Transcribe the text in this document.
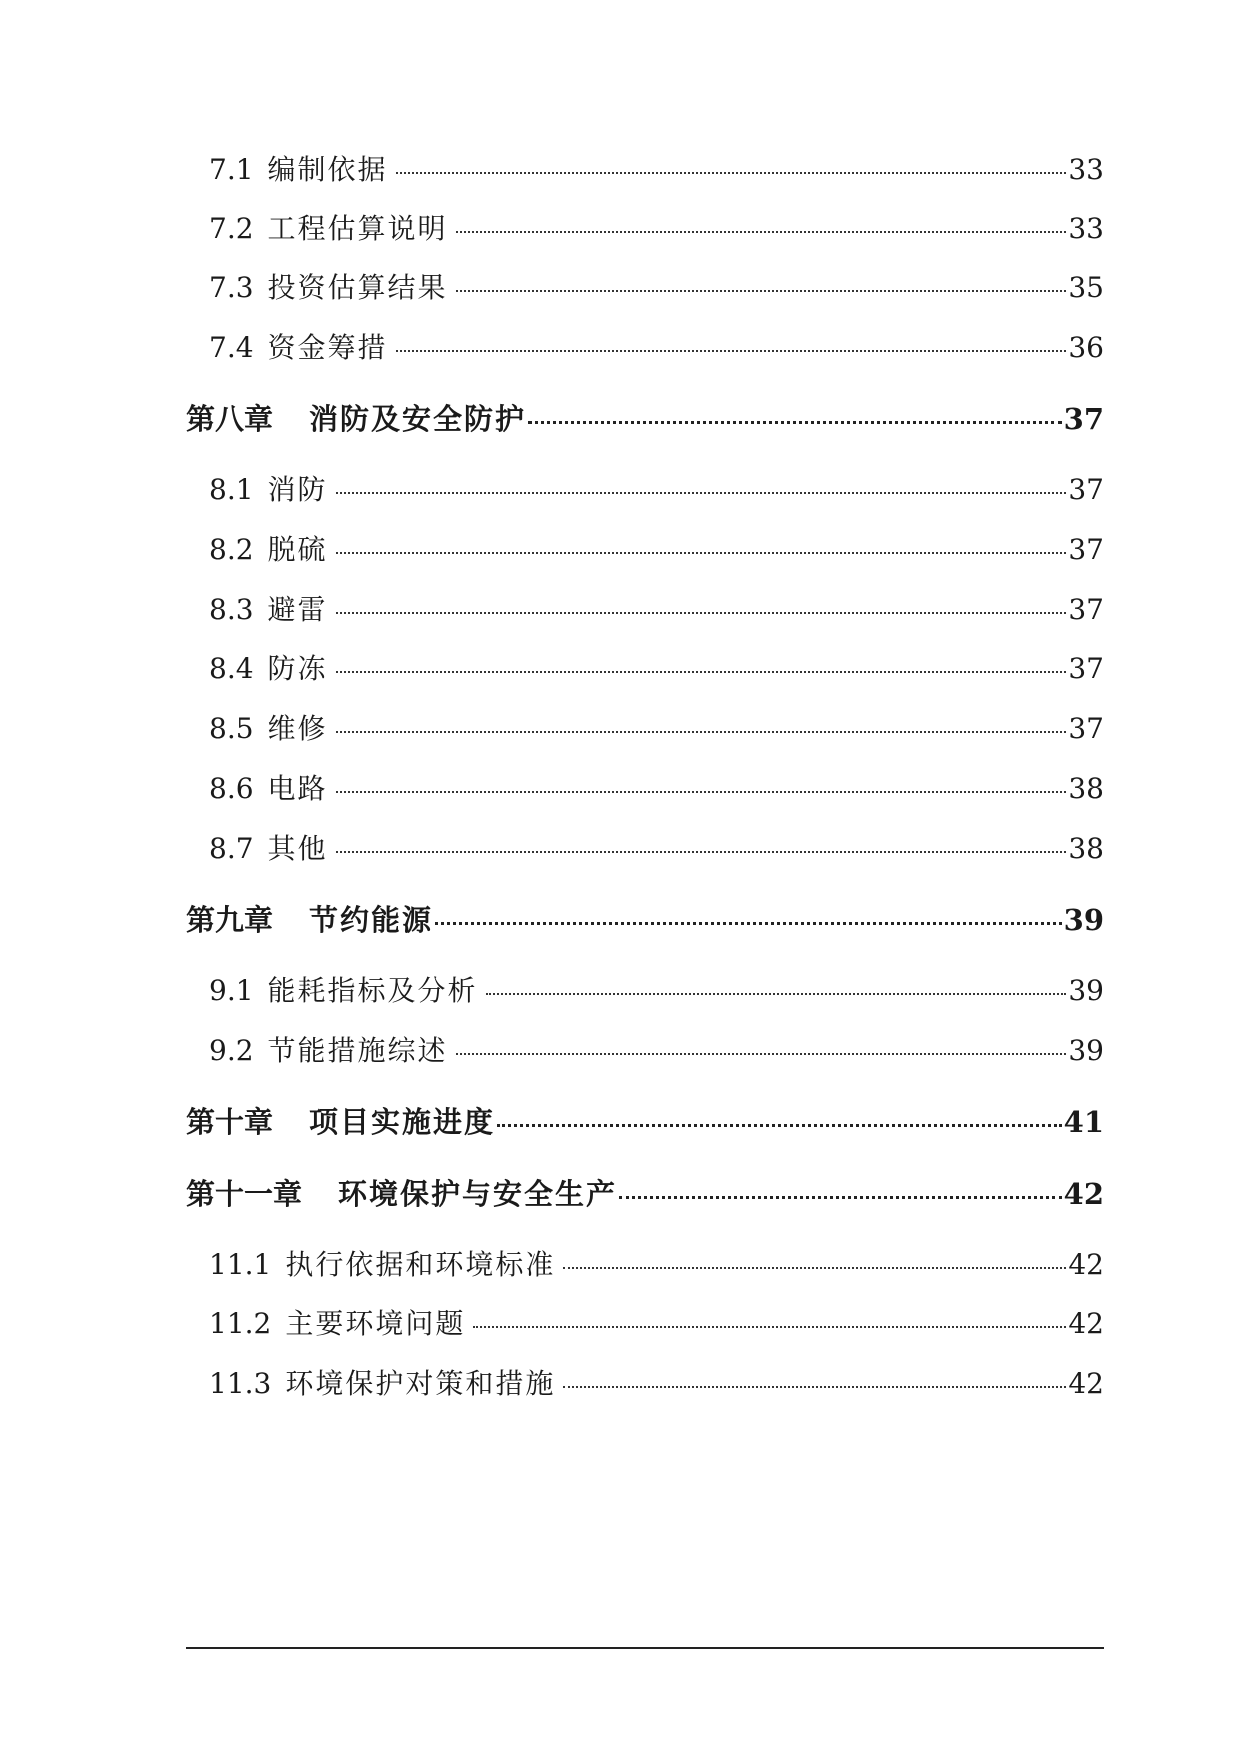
7.1 编制依据	33
7.2 工程估算说明	33
7.3 投资估算结果	35
7.4 资金筹措	36
第八章 消防及安全防护	37
8.1 消防	37
8.2 脱硫	37
8.3 避雷	37
8.4 防冻	37
8.5 维修	37
8.6 电路	38
8.7 其他	38
第九章 节约能源	39
9.1 能耗指标及分析	39
9.2 节能措施综述	39
第十章 项目实施进度	41
第十一章 环境保护与安全生产	42
11.1 执行依据和环境标准	42
11.2 主要环境问题	42
11.3 环境保护对策和措施	42
